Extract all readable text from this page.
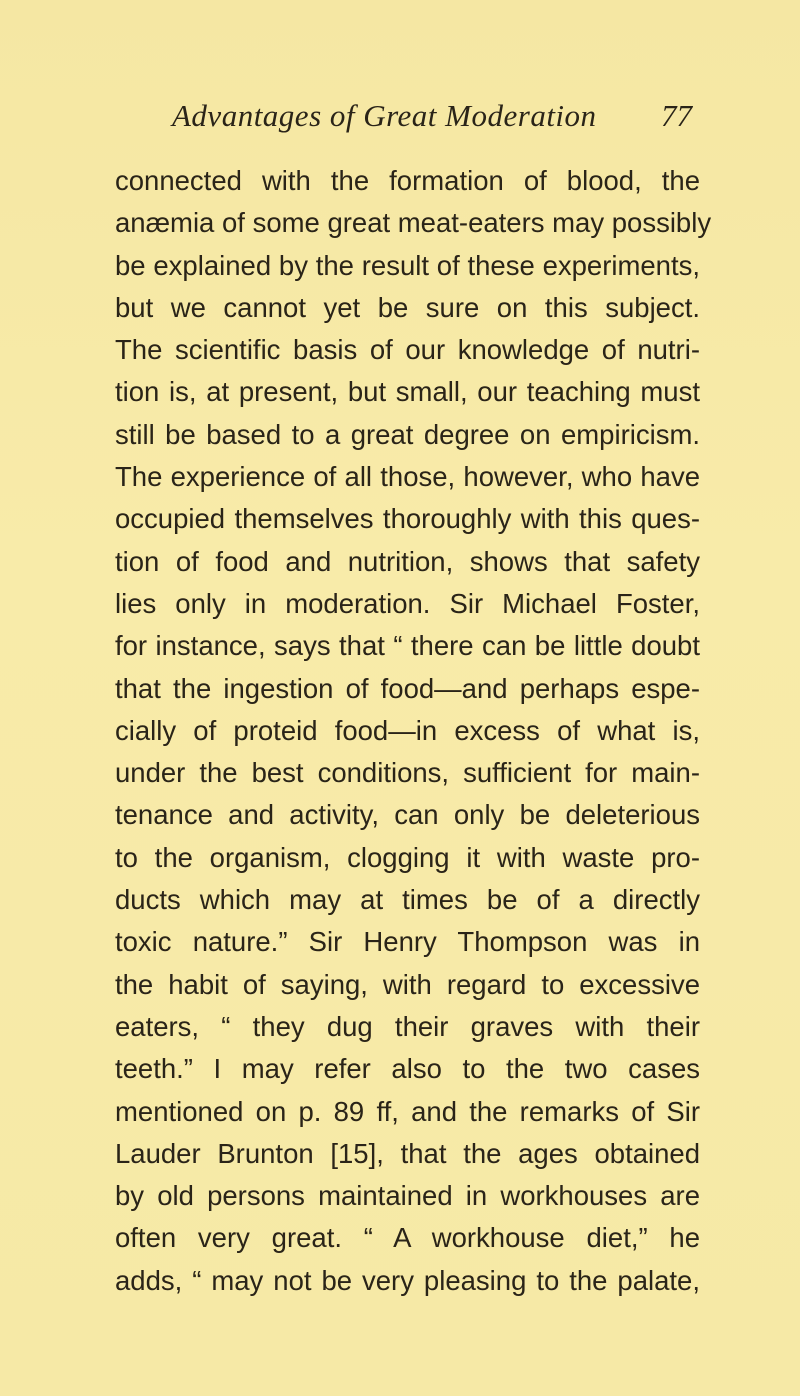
Advantages of Great Moderation 77
connected with the formation of blood, the
anæmia of some great meat-eaters may possibly
be explained by the result of these experiments,
but we cannot yet be sure on this subject.
The scientific basis of our knowledge of nutri-
tion is, at present, but small, our teaching must
still be based to a great degree on empiricism.
The experience of all those, however, who have
occupied themselves thoroughly with this ques-
tion of food and nutrition, shows that safety
lies only in moderation. Sir Michael Foster,
for instance, says that “ there can be little doubt
that the ingestion of food—and perhaps espe-
cially of proteid food—in excess of what is,
under the best conditions, sufficient for main-
tenance and activity, can only be deleterious
to the organism, clogging it with waste pro-
ducts which may at times be of a directly
toxic nature.” Sir Henry Thompson was in
the habit of saying, with regard to excessive
eaters, “ they dug their graves with their
teeth.” I may refer also to the two cases
mentioned on p. 89 ff, and the remarks of Sir
Lauder Brunton [15], that the ages obtained
by old persons maintained in workhouses are
often very great. “ A workhouse diet,” he
adds, “ may not be very pleasing to the palate,
